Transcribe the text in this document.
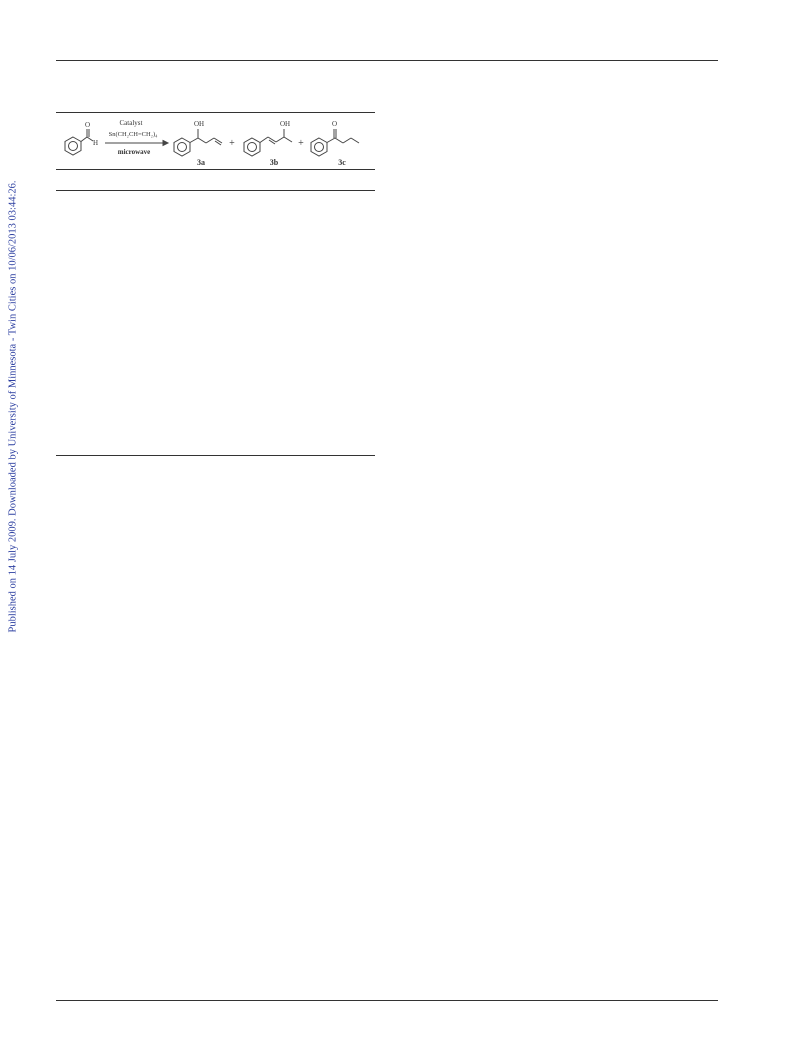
Published on 14 July 2009. Downloaded by University of Minnesota - Twin Cities on 10/06/2013 03:44:26.
O
H
Catalyst
Sn(CH₂CH=CH₂)₄
microwave
OH
3a
+
OH
3b
+
O
3c
